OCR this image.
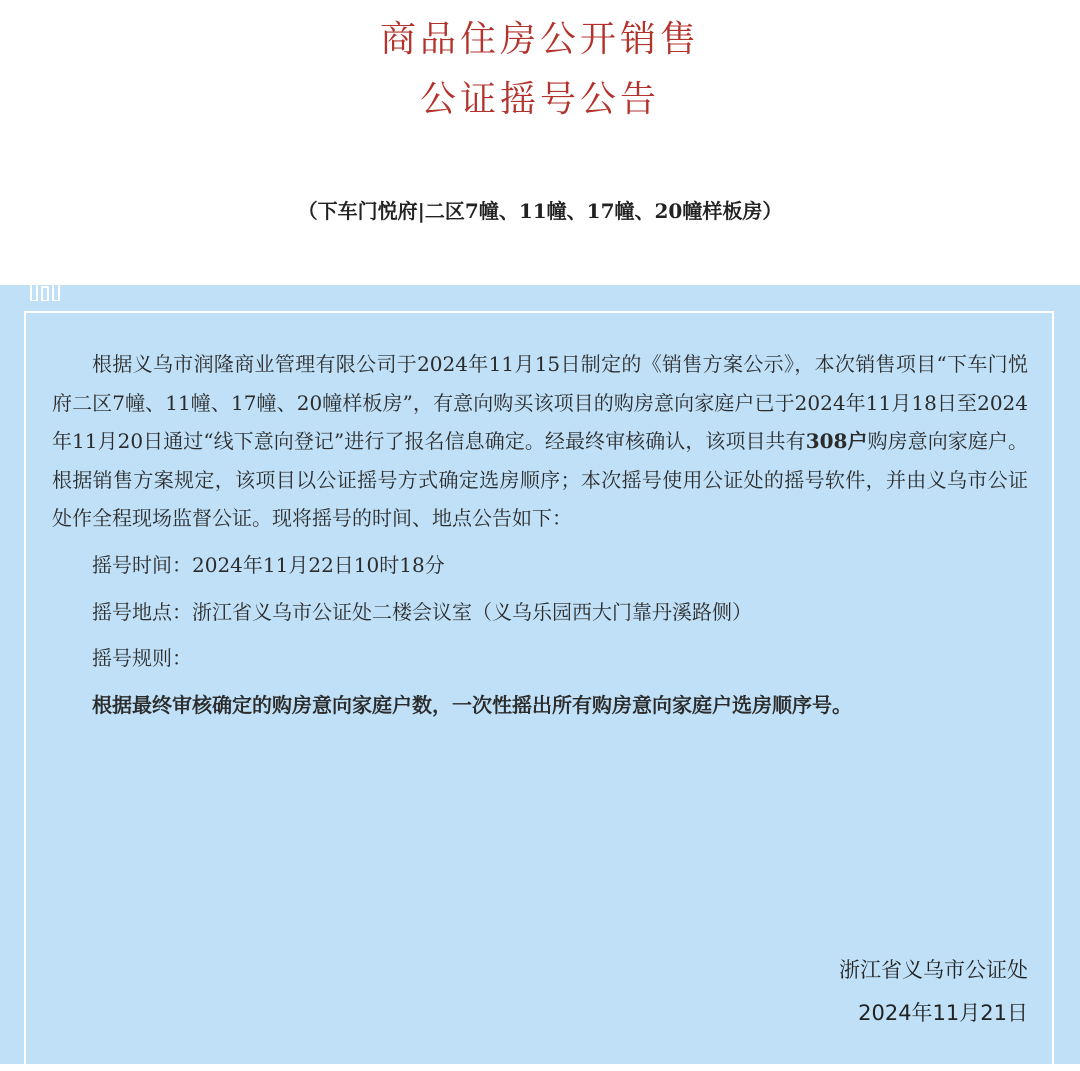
商品住房公开销售
公证摇号公告
（下车门悦府|二区7幢、11幢、17幢、20幢样板房）

根据义乌市润隆商业管理有限公司于2024年11月15日制定的《销售方案公示》，本次销售项目“下车门悦府二区7幢、11幢、17幢、20幢样板房”，有意向购买该项目的购房意向家庭户已于2024年11月18日至2024年11月20日通过“线下意向登记”进行了报名信息确定。经最终审核确认，该项目共有308户购房意向家庭户。根据销售方案规定，该项目以公证摇号方式确定选房顺序；本次摇号使用公证处的摇号软件，并由义乌市公证处作全程现场监督公证。现将摇号的时间、地点公告如下：

摇号时间：2024年11月22日10时18分

摇号地点：浙江省义乌市公证处二楼会议室（义乌乐园西大门靠丹溪路侧）

摇号规则：

根据最终审核确定的购房意向家庭户数，一次性摇出所有购房意向家庭户选房顺序号。

浙江省义乌市公证处
2024年11月21日
